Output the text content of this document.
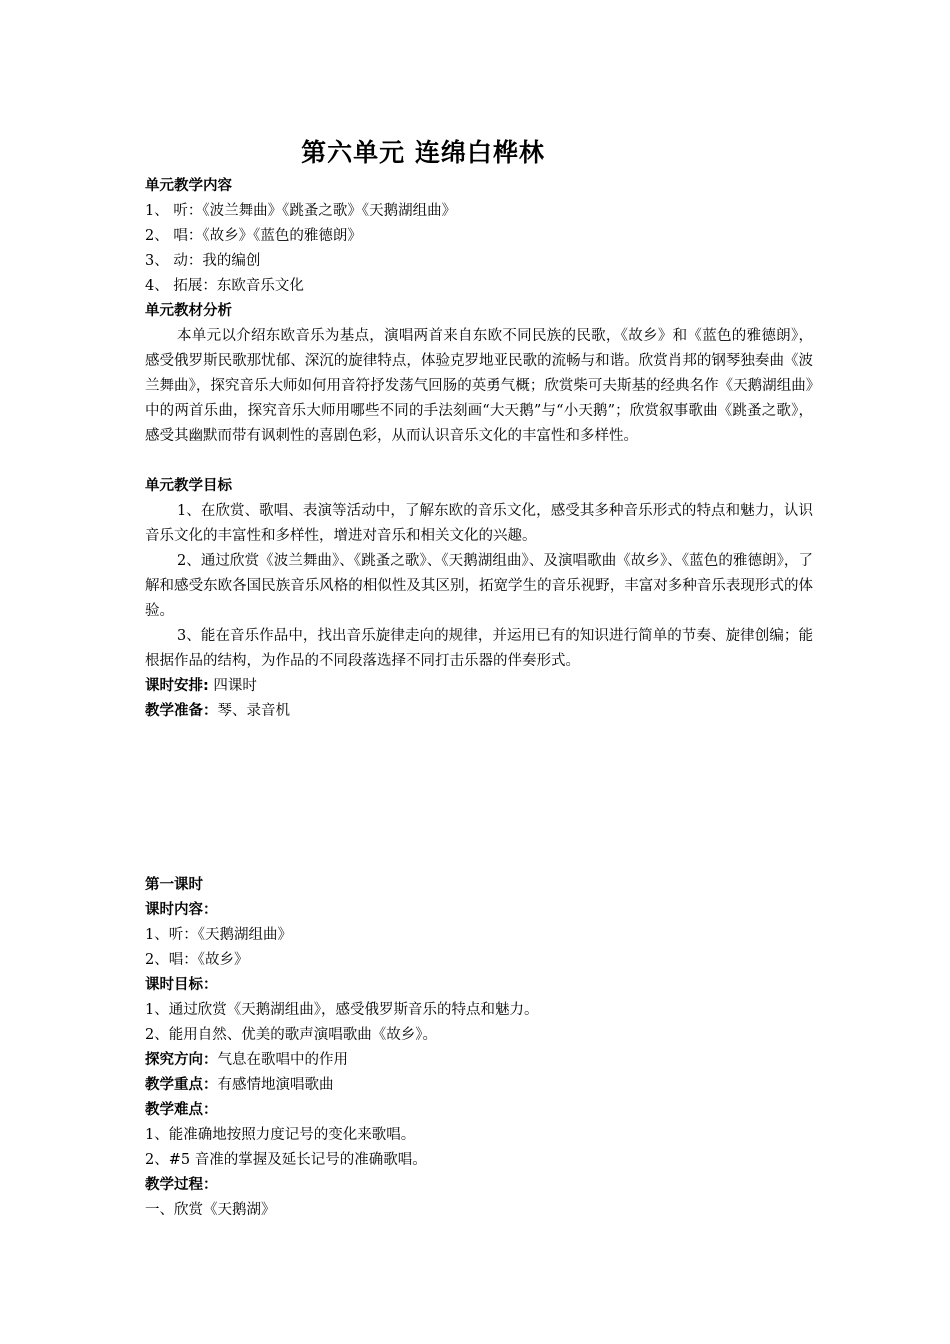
第六单元 连绵白桦林
单元教学内容
1、 听：《波兰舞曲》《跳蚤之歌》《天鹅湖组曲》
2、 唱：《故乡》《蓝色的雅德朗》
3、 动：我的编创
4、 拓展：东欧音乐文化
单元教材分析
本单元以介绍东欧音乐为基点，演唱两首来自东欧不同民族的民歌，《故乡》和《蓝色的雅德朗》，感受俄罗斯民歌那忧郁、深沉的旋律特点，体验克罗地亚民歌的流畅与和谐。欣赏肖邦的钢琴独奏曲《波兰舞曲》，探究音乐大师如何用音符抒发荡气回肠的英勇气概；欣赏柴可夫斯基的经典名作《天鹅湖组曲》中的两首乐曲，探究音乐大师用哪些不同的手法刻画“大天鹅”与“小天鹅”；欣赏叙事歌曲《跳蚤之歌》，感受其幽默而带有讽刺性的喜剧色彩，从而认识音乐文化的丰富性和多样性。
单元教学目标
1、在欣赏、歌唱、表演等活动中，了解东欧的音乐文化，感受其多种音乐形式的特点和魅力，认识音乐文化的丰富性和多样性，增进对音乐和相关文化的兴趣。
2、通过欣赏《波兰舞曲》、《跳蚤之歌》、《天鹅湖组曲》、及演唱歌曲《故乡》、《蓝色的雅德朗》，了解和感受东欧各国民族音乐风格的相似性及其区别，拓宽学生的音乐视野，丰富对多种音乐表现形式的体验。
3、能在音乐作品中，找出音乐旋律走向的规律，并运用已有的知识进行简单的节奏、旋律创编；能根据作品的结构，为作品的不同段落选择不同打击乐器的伴奏形式。
课时安排: 四课时
教学准备：琴、录音机
第一课时
课时内容：
1、听：《天鹅湖组曲》
2、唱：《故乡》
课时目标：
1、通过欣赏《天鹅湖组曲》，感受俄罗斯音乐的特点和魅力。
2、能用自然、优美的歌声演唱歌曲《故乡》。
探究方向：气息在歌唱中的作用
教学重点：有感情地演唱歌曲
教学难点：
1、能准确地按照力度记号的变化来歌唱。
2、#5 音准的掌握及延长记号的准确歌唱。
教学过程：
一、欣赏《天鹅湖》
